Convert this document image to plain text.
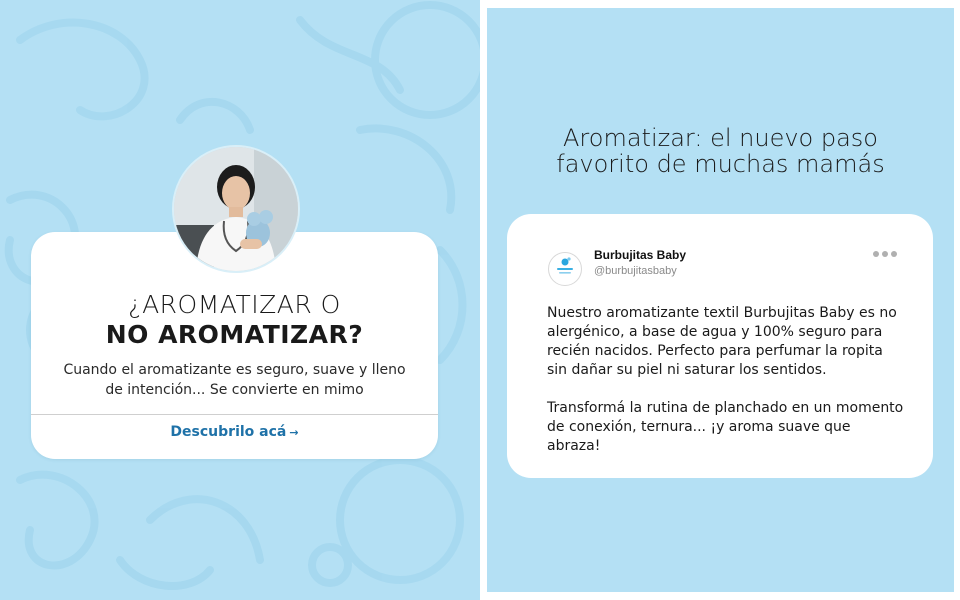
¿AROMATIZAR O
NO AROMATIZAR?
Cuando el aromatizante es seguro, suave y lleno de intención... Se convierte en mimo
Descubrilo acá →
Aromatizar: el nuevo paso
favorito de muchas mamás
Burbujitas Baby
@burbujitasbaby

Nuestro aromatizante textil Burbujitas Baby es no alergénico, a base de agua y 100% seguro para recién nacidos. Perfecto para perfumar la ropita sin dañar su piel ni saturar los sentidos.

Transformá la rutina de planchado en un momento de conexión, ternura... ¡y aroma suave que abraza!
